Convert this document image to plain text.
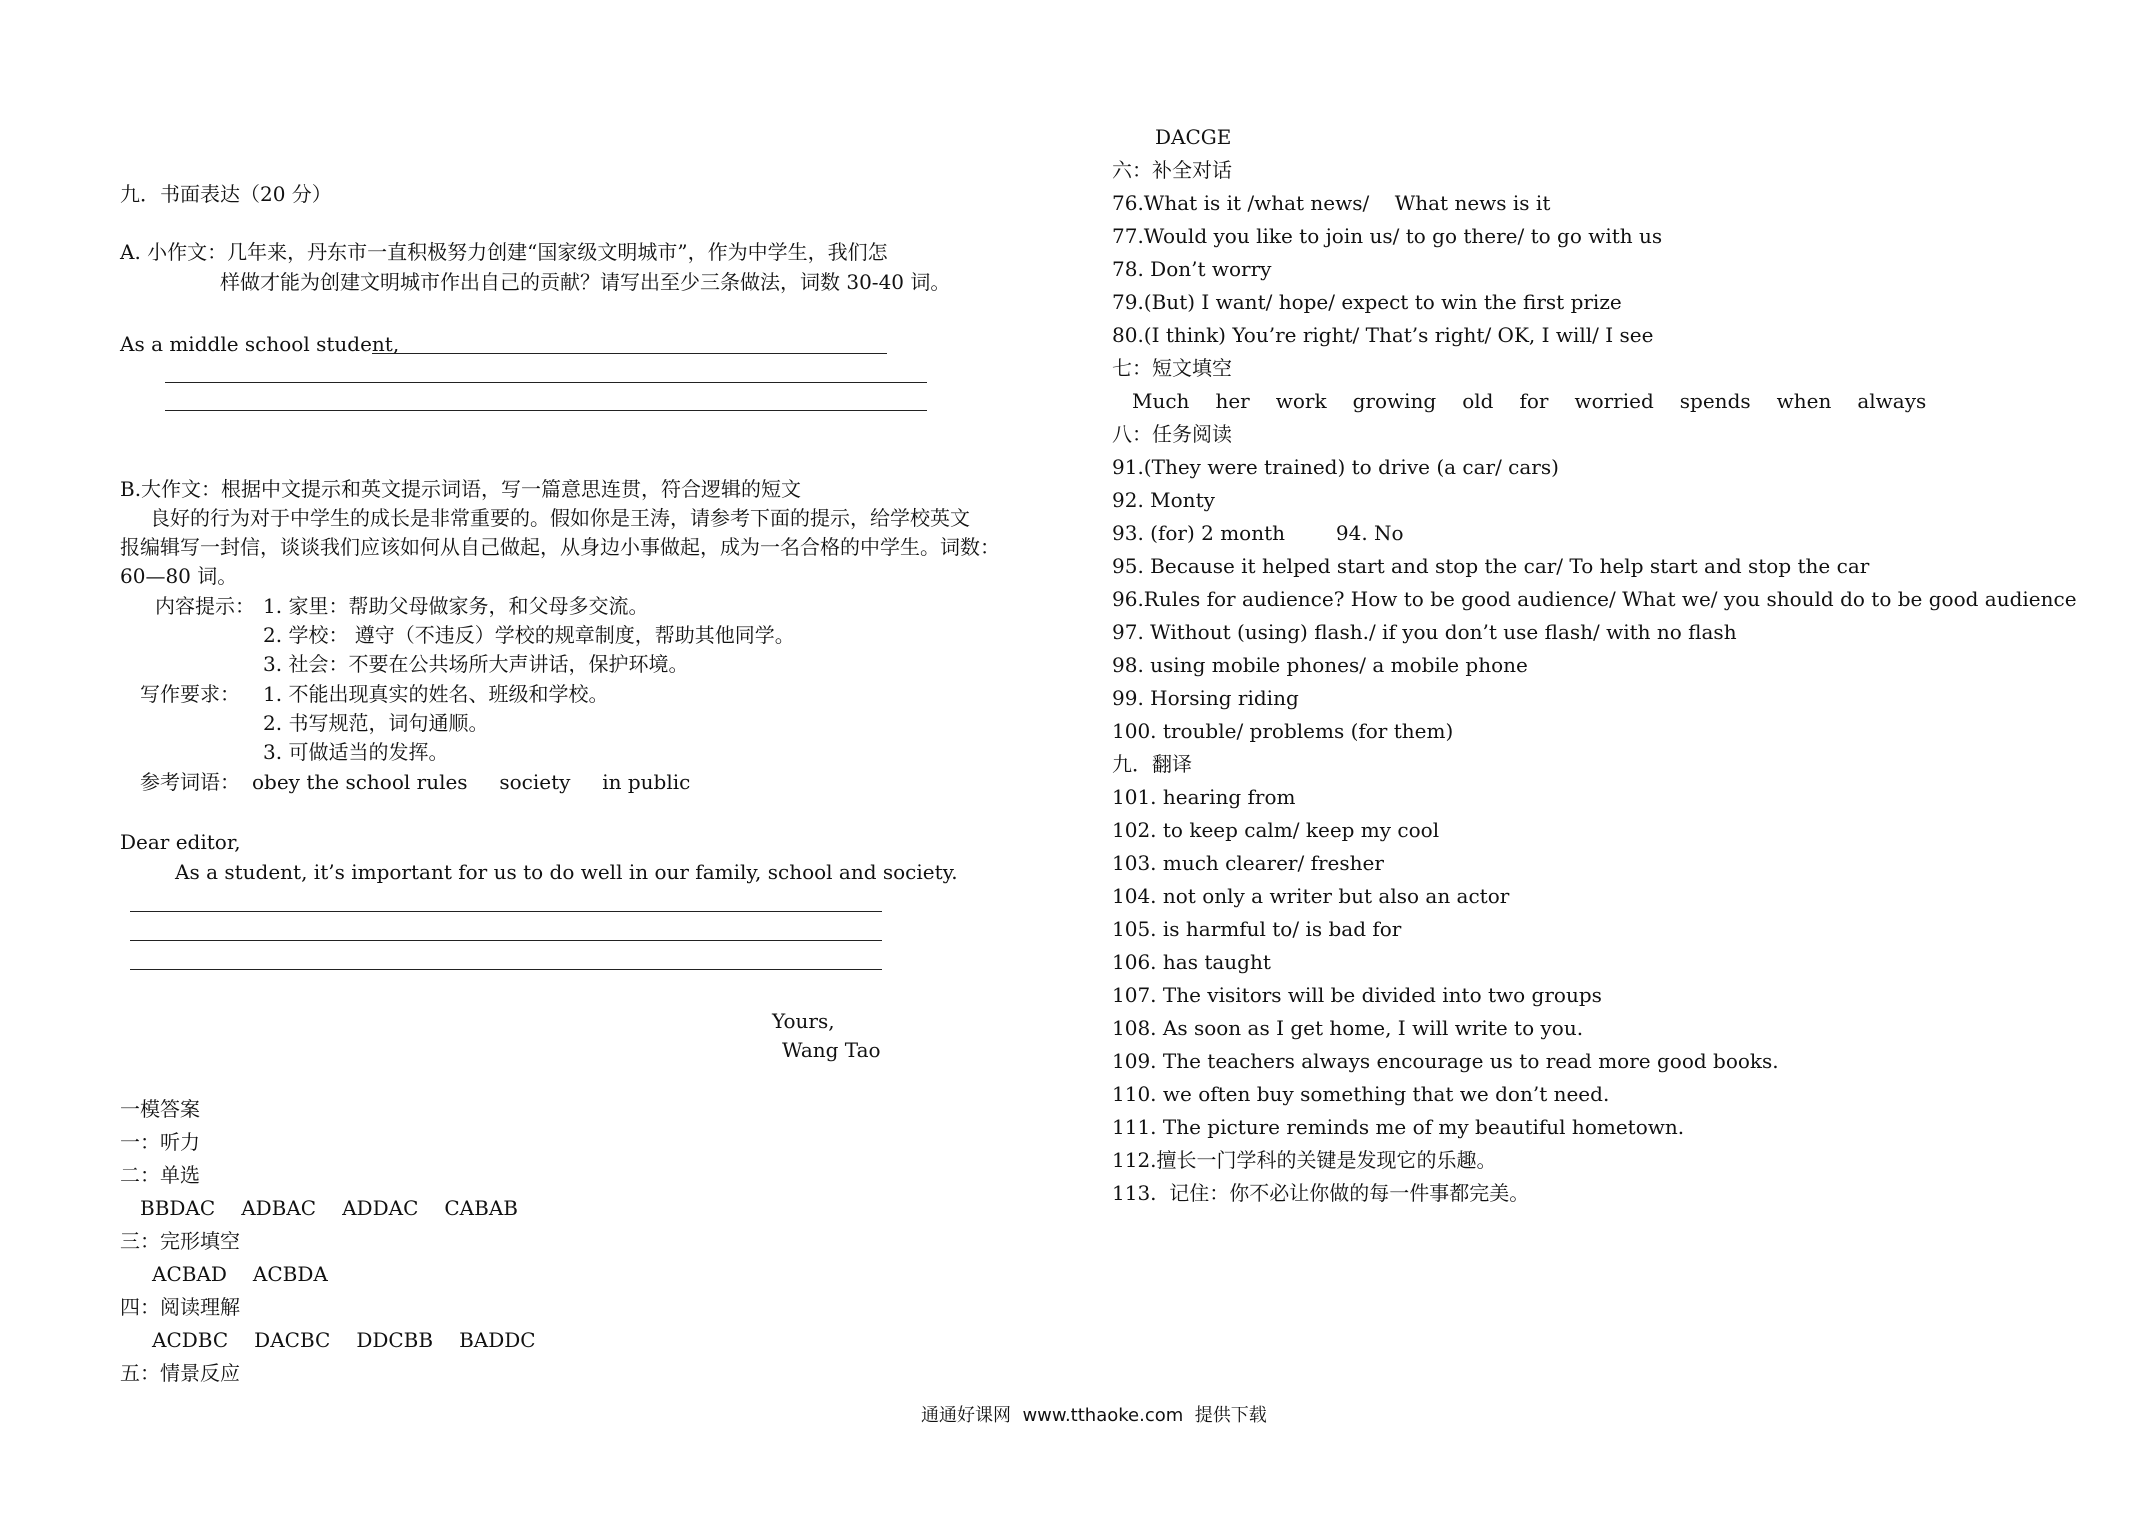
九．书面表达（20 分）
A. 小作文：几年来，丹东市一直积极努力创建“国家级文明城市”，作为中学生，我们怎
样做才能为创建文明城市作出自己的贡献？请写出至少三条做法，词数 30-40 词。
As a middle school student,
B.大作文：根据中文提示和英文提示词语，写一篇意思连贯，符合逻辑的短文
良好的行为对于中学生的成长是非常重要的。假如你是王涛，请参考下面的提示，给学校英文
报编辑写一封信，谈谈我们应该如何从自己做起，从身边小事做起，成为一名合格的中学生。词数：
60—80 词。
内容提示： 1. 家里：帮助父母做家务，和父母多交流。
2. 学校： 遵守（不违反）学校的规章制度，帮助其他同学。
3. 社会：不要在公共场所大声讲话，保护环境。
写作要求： 1. 不能出现真实的姓名、班级和学校。
2. 书写规范，词句通顺。
3. 可做适当的发挥。
参考词语： obey the school rules     society     in public
Dear editor,
As a student, it’s important for us to do well in our family, school and society.
Yours,
Wang Tao
一模答案
一：听力
二：单选
BBDAC ADBAC ADDAC CABAB
三：完形填空
ACBAD ACBDA
四：阅读理解
ACDBC DACBC DDCBB BADDC
五：情景反应
DACGE
六：补全对话
76.What is it /what news/    What news is it
77.Would you like to join us/ to go there/ to go with us
78. Don’t worry
79.(But) I want/ hope/ expect to win the first prize
80.(I think) You’re right/ That’s right/ OK, I will/ I see
七：短文填空
Much her work growing old for worried spends when always
八：任务阅读
91.(They were trained) to drive (a car/ cars)
92. Monty
93. (for) 2 month        94. No
95. Because it helped start and stop the car/ To help start and stop the car
96.Rules for audience? How to be good audience/ What we/ you should do to be good audience
97. Without (using) flash./ if you don’t use flash/ with no flash
98. using mobile phones/ a mobile phone
99. Horsing riding
100. trouble/ problems (for them)
九．翻译
101. hearing from
102. to keep calm/ keep my cool
103. much clearer/ fresher
104. not only a writer but also an actor
105. is harmful to/ is bad for
106. has taught
107. The visitors will be divided into two groups
108. As soon as I get home, I will write to you.
109. The teachers always encourage us to read more good books.
110. we often buy something that we don’t need.
111. The picture reminds me of my beautiful hometown.
112.擅长一门学科的关键是发现它的乐趣。
113.  记住：你不必让你做的每一件事都完美。
通通好课网  www.tthaoke.com  提供下载
